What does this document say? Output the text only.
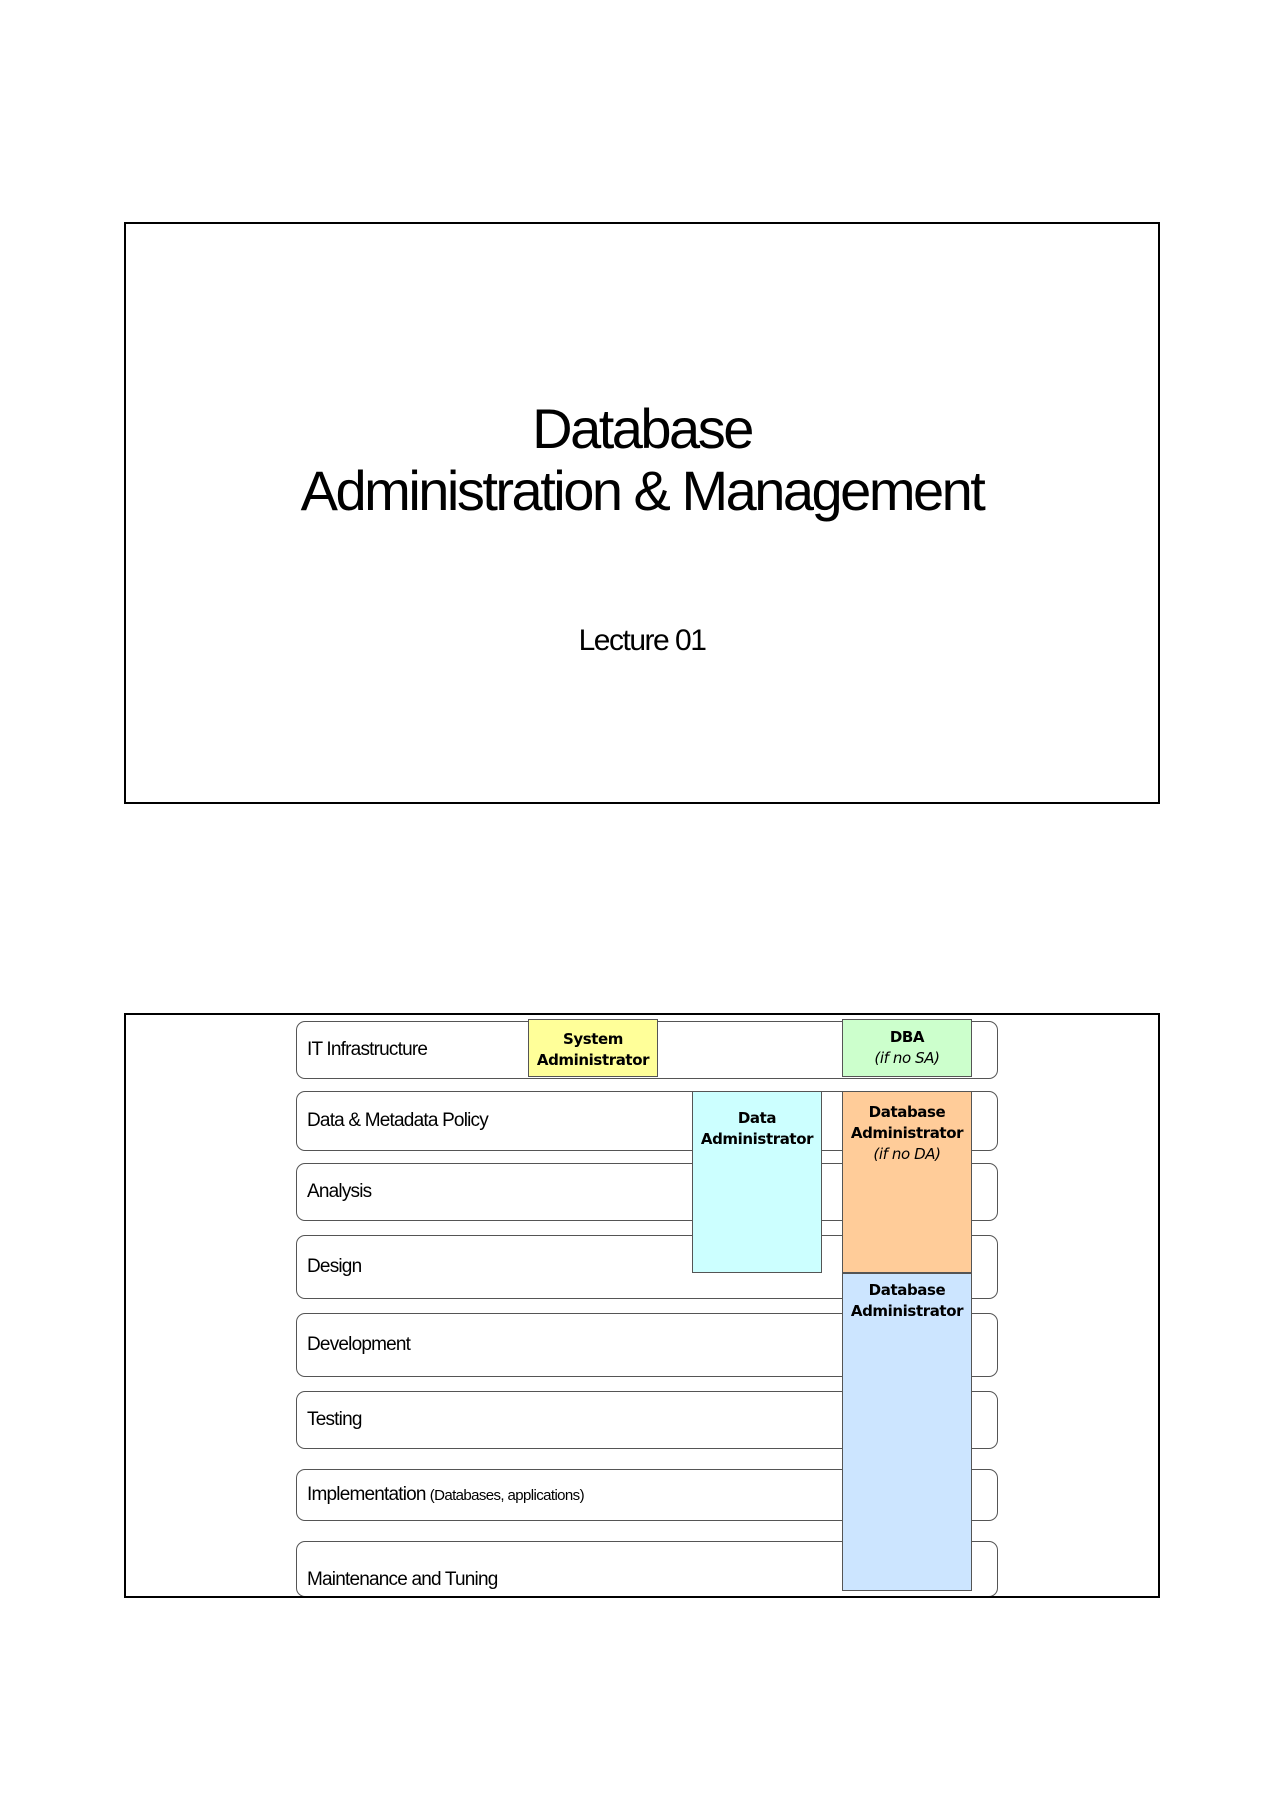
Database
Administration & Management
Lecture 01
IT Infrastructure
Data & Metadata Policy
Analysis
Design
Development
Testing
Implementation (Databases, applications)
Maintenance and Tuning
System
Administrator
DBA
(if no SA)
Data
Administrator
Database
Administrator
(if no DA)
Database
Administrator
